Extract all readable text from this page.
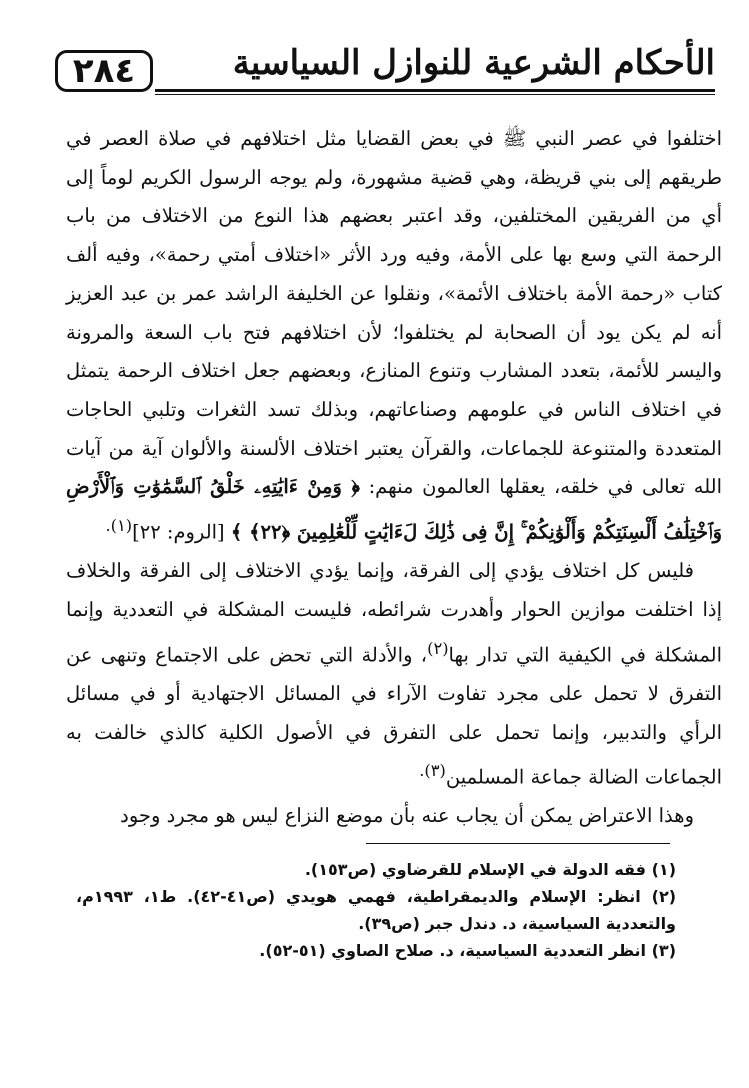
٢٨٤	الأحكام الشرعية للنوازل السياسية

اختلفوا في عصر النبي ﷺ في بعض القضايا مثل اختلافهم في صلاة العصر في طريقهم إلى بني قريظة، وهي قضية مشهورة، ولم يوجه الرسول الكريم لوماً إلى أي من الفريقين المختلفين، وقد اعتبر بعضهم هذا النوع من الاختلاف من باب الرحمة التي وسع بها على الأمة، وفيه ورد الأثر «اختلاف أمتي رحمة»، وفيه ألف كتاب «رحمة الأمة باختلاف الأئمة»، ونقلوا عن الخليفة الراشد عمر بن عبد العزيز أنه لم يكن يود أن الصحابة لم يختلفوا؛ لأن اختلافهم فتح باب السعة والمرونة واليسر للأئمة، بتعدد المشارب وتنوع المنازع، وبعضهم جعل اختلاف الرحمة يتمثل في اختلاف الناس في علومهم وصناعاتهم، وبذلك تسد الثغرات وتلبي الحاجات المتعددة والمتنوعة للجماعات، والقرآن يعتبر اختلاف الألسنة والألوان آية من آيات الله تعالى في خلقه، يعقلها العالمون منهم: ﴿ وَمِنْ ءَايَٰتِهِۦ خَلْقُ ٱلسَّمَٰوَٰتِ وَٱلْأَرْضِ وَٱخْتِلَٰفُ أَلْسِنَتِكُمْ وَأَلْوَٰنِكُمْ ۚ إِنَّ فِى ذَٰلِكَ لَءَايَٰتٍ لِّلْعَٰلِمِينَ ﴿٢٢﴾ ﴾ [الروم: ٢٢]$^{(١).}$

فليس كل اختلاف يؤدي إلى الفرقة، وإنما يؤدي الاختلاف إلى الفرقة والخلاف إذا اختلفت موازين الحوار وأهدرت شرائطه، فليست المشكلة في التعددية وإنما المشكلة في الكيفية التي تدار بها$^{(٢)}$، والأدلة التي تحض على الاجتماع وتنهى عن التفرق لا تحمل على مجرد تفاوت الآراء في المسائل الاجتهادية أو في مسائل الرأي والتدبير، وإنما تحمل على التفرق في الأصول الكلية كالذي خالفت به الجماعات الضالة جماعة المسلمين$^{(٣).}$

وهذا الاعتراض يمكن أن يجاب عنه بأن موضع النزاع ليس هو مجرد وجود

(١) فقه الدولة في الإسلام للقرضاوي (ص١٥٣).

(٢) انظر: الإسلام والديمقراطية، فهمي هويدي (ص٤١-٤٢). ط١، ١٩٩٣م، والتعددية السياسية، د. دندل جبر (ص٣٩).

(٣) انظر التعددية السياسية، د. صلاح الصاوي (٥١-٥٢).
